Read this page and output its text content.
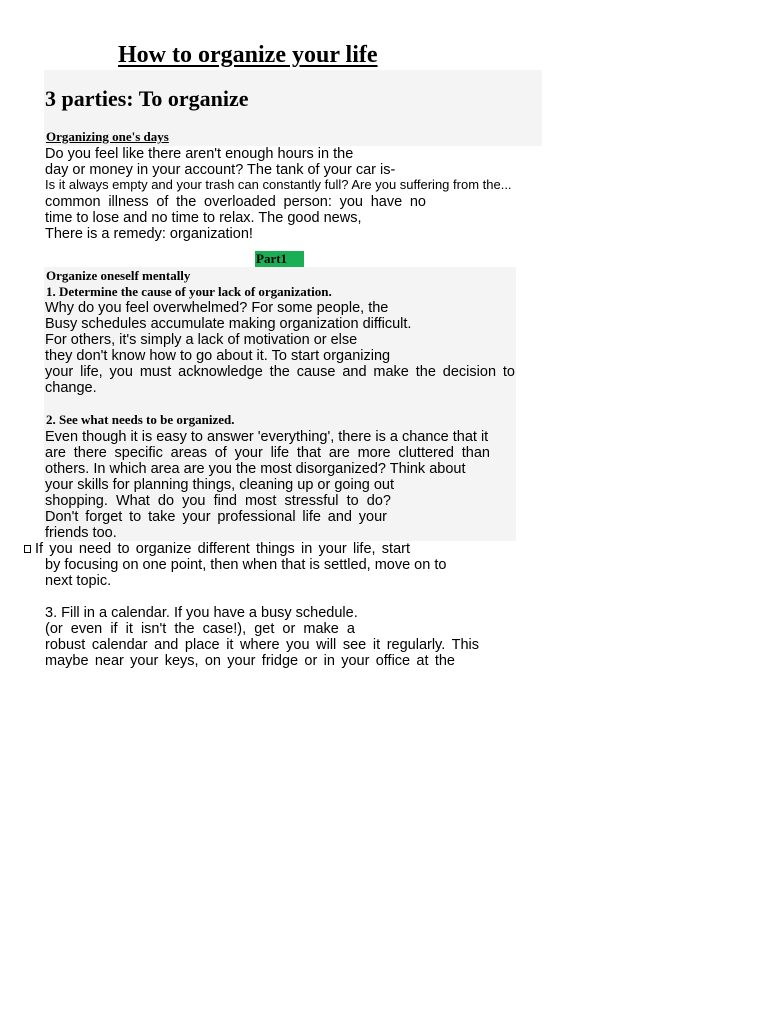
How to organize your life
3 parties: To organize
Organizing one's days
Do you feel like there aren't enough hours in the
day or money in your account? The tank of your car is-
Is it always empty and your trash can constantly full? Are you suffering from the...
common illness of the overloaded person: you have no
time to lose and no time to relax. The good news,
There is a remedy: organization!
Part1
Organize oneself mentally
1. Determine the cause of your lack of organization.
Why do you feel overwhelmed? For some people, the
Busy schedules accumulate making organization difficult.
For others, it's simply a lack of motivation or else
they don't know how to go about it. To start organizing
your life, you must acknowledge the cause and make the decision to
change.
2. See what needs to be organized.
Even though it is easy to answer 'everything', there is a chance that it
are there specific areas of your life that are more cluttered than
others. In which area are you the most disorganized? Think about
your skills for planning things, cleaning up or going out
shopping. What do you find most stressful to do?
Don't forget to take your professional life and your
friends too.
If you need to organize different things in your life, start
by focusing on one point, then when that is settled, move on to
next topic.
3. Fill in a calendar. If you have a busy schedule.
(or even if it isn't the case!), get or make a
robust calendar and place it where you will see it regularly. This
maybe near your keys, on your fridge or in your office at the
